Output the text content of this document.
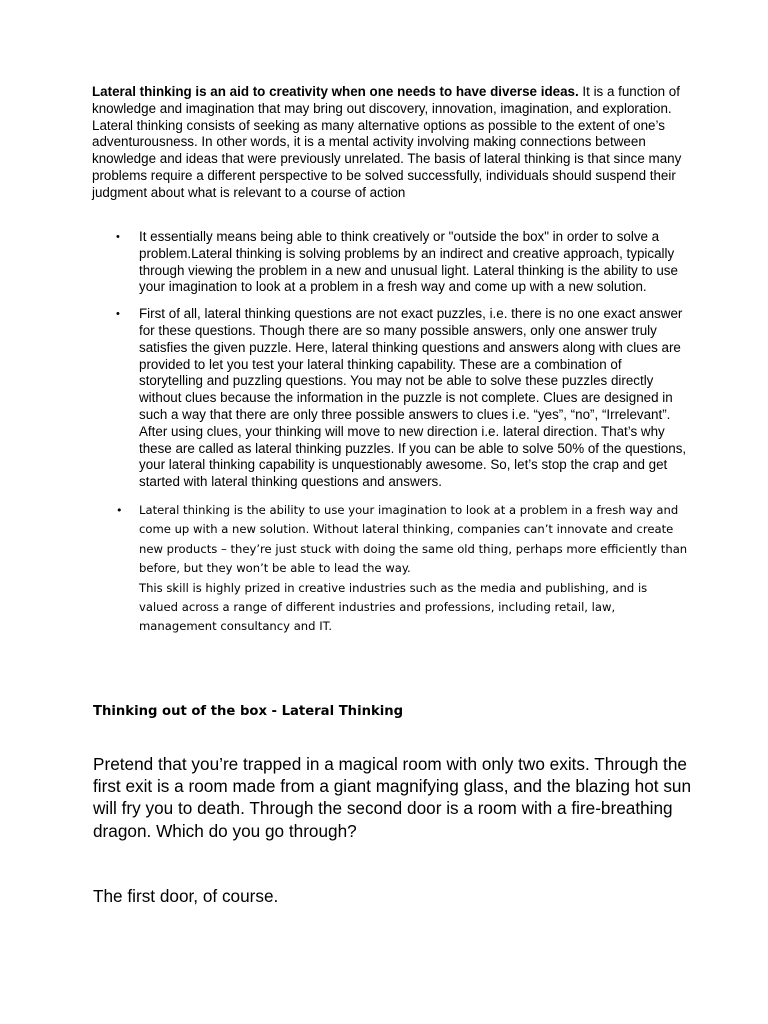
Lateral thinking is an aid to creativity when one needs to have diverse ideas. It is a function of knowledge and imagination that may bring out discovery, innovation, imagination, and exploration. Lateral thinking consists of seeking as many alternative options as possible to the extent of one’s adventurousness. In other words, it is a mental activity involving making connections between knowledge and ideas that were previously unrelated. The basis of lateral thinking is that since many problems require a different perspective to be solved successfully, individuals should suspend their judgment about what is relevant to a course of action

• It essentially means being able to think creatively or "outside the box" in order to solve a problem.Lateral thinking is solving problems by an indirect and creative approach, typically through viewing the problem in a new and unusual light. Lateral thinking is the ability to use your imagination to look at a problem in a fresh way and come up with a new solution.
• First of all, lateral thinking questions are not exact puzzles, i.e. there is no one exact answer for these questions. Though there are so many possible answers, only one answer truly satisfies the given puzzle. Here, lateral thinking questions and answers along with clues are provided to let you test your lateral thinking capability. These are a combination of storytelling and puzzling questions. You may not be able to solve these puzzles directly without clues because the information in the puzzle is not complete. Clues are designed in such a way that there are only three possible answers to clues i.e. “yes”, “no”, “Irrelevant”. After using clues, your thinking will move to new direction i.e. lateral direction. That’s why these are called as lateral thinking puzzles. If you can be able to solve 50% of the questions, your lateral thinking capability is unquestionably awesome. So, let’s stop the crap and get started with lateral thinking questions and answers.
• Lateral thinking is the ability to use your imagination to look at a problem in a fresh way and come up with a new solution. Without lateral thinking, companies can’t innovate and create new products – they’re just stuck with doing the same old thing, perhaps more efficiently than before, but they won’t be able to lead the way.
This skill is highly prized in creative industries such as the media and publishing, and is valued across a range of different industries and professions, including retail, law, management consultancy and IT.

Thinking out of the box - Lateral Thinking

Pretend that you’re trapped in a magical room with only two exits. Through the first exit is a room made from a giant magnifying glass, and the blazing hot sun will fry you to death. Through the second door is a room with a fire-breathing dragon. Which do you go through?

The first door, of course.
